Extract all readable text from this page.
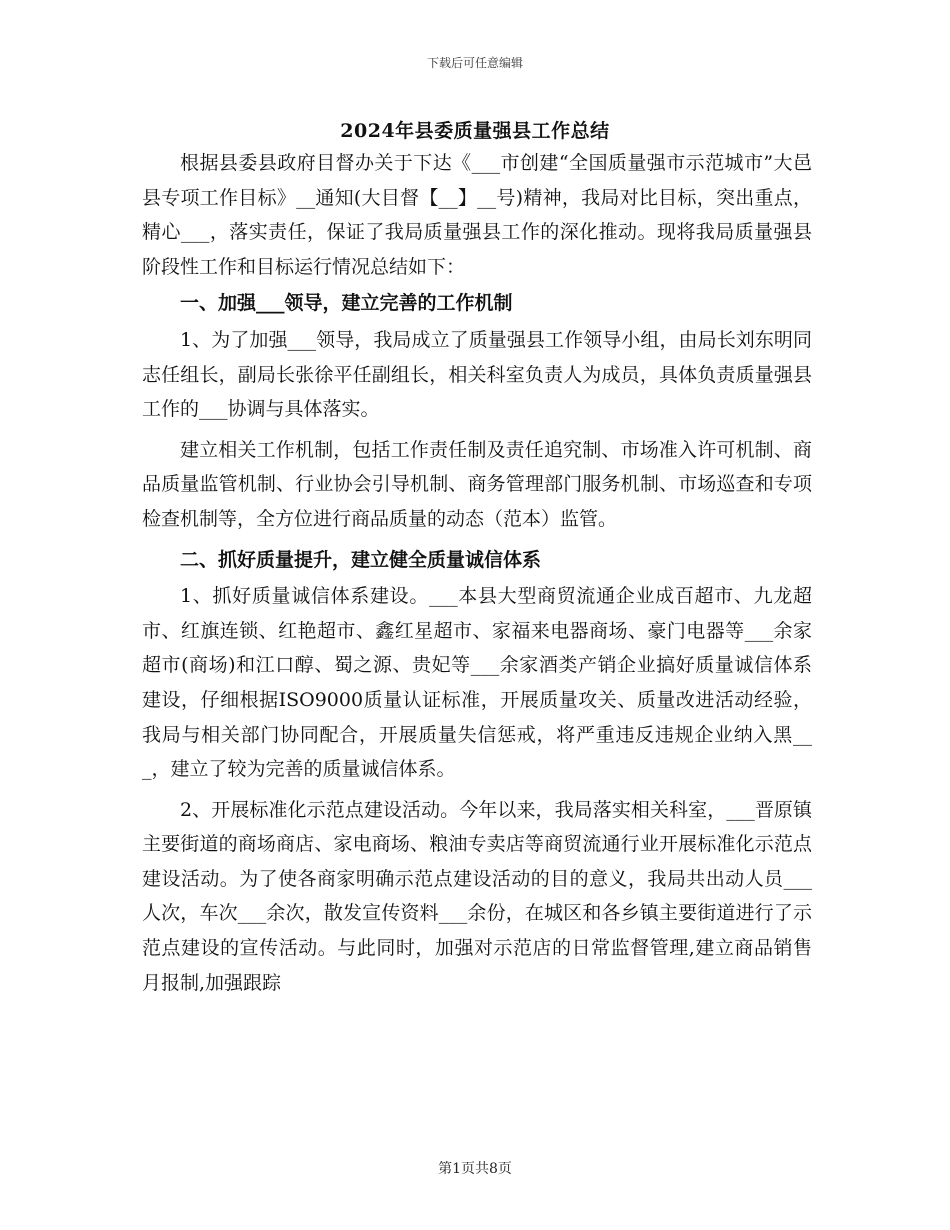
下载后可任意编辑
2024年县委质量强县工作总结

根据县委县政府目督办关于下达《___市创建“全国质量强市示范城市”大邑县专项工作目标》__通知(大目督【__】__号)精神，我局对比目标，突出重点，精心___，落实责任，保证了我局质量强县工作的深化推动。现将我局质量强县阶段性工作和目标运行情况总结如下：

一、加强___领导，建立完善的工作机制

1、为了加强___领导，我局成立了质量强县工作领导小组，由局长刘东明同志任组长，副局长张徐平任副组长，相关科室负责人为成员，具体负责质量强县工作的___协调与具体落实。

建立相关工作机制，包括工作责任制及责任追究制、市场准入许可机制、商品质量监管机制、行业协会引导机制、商务管理部门服务机制、市场巡查和专项检查机制等，全方位进行商品质量的动态（范本）监管。

二、抓好质量提升，建立健全质量诚信体系

1、抓好质量诚信体系建设。___本县大型商贸流通企业成百超市、九龙超市、红旗连锁、红艳超市、鑫红星超市、家福来电器商场、豪门电器等___余家超市(商场)和江口醇、蜀之源、贵妃等___余家酒类产销企业搞好质量诚信体系建设，仔细根据ISO9000质量认证标准，开展质量攻关、质量改进活动经验，我局与相关部门协同配合，开展质量失信惩戒，将严重违反违规企业纳入黑___，建立了较为完善的质量诚信体系。

2、开展标准化示范点建设活动。今年以来，我局落实相关科室，___晋原镇主要街道的商场商店、家电商场、粮油专卖店等商贸流通行业开展标准化示范点建设活动。为了使各商家明确示范点建设活动的目的意义，我局共出动人员___人次，车次___余次，散发宣传资料___余份，在城区和各乡镇主要街道进行了示范点建设的宣传活动。与此同时，加强对示范店的日常监督管理,建立商品销售月报制,加强跟踪

第1页共8页
